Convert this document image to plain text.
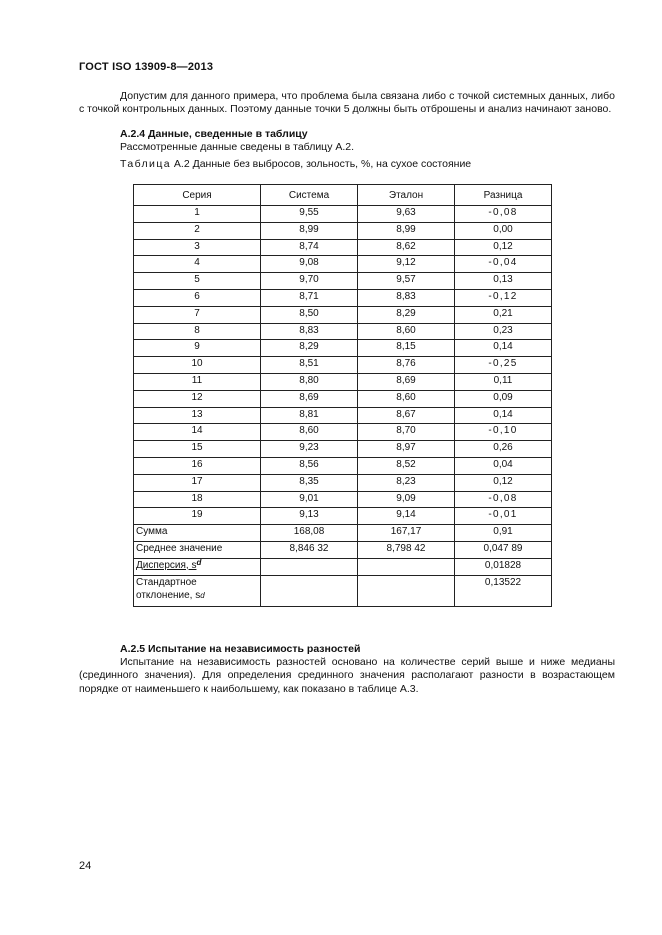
ГОСТ ISO 13909-8—2013

Допустим для данного примера, что проблема была связана либо с точкой системных данных, либо с точкой контрольных данных. Поэтому данные точки 5 должны быть отброшены и анализ начинают заново.

А.2.4 Данные, сведенные в таблицу
Рассмотренные данные сведены в таблицу А.2.
Таблица А.2 Данные без выбросов, зольность, %, на сухое состояние
Серия	Система	Эталон	Разница
1	9,55	9,63	-0,08
2	8,99	8,99	0,00
3	8,74	8,62	0,12
4	9,08	9,12	-0,04
5	9,70	9,57	0,13
6	8,71	8,83	-0,12
7	8,50	8,29	0,21
8	8,83	8,60	0,23
9	8,29	8,15	0,14
10	8,51	8,76	-0,25
11	8,80	8,69	0,11
12	8,69	8,60	0,09
13	8,81	8,67	0,14
14	8,60	8,70	-0,10
15	9,23	8,97	0,26
16	8,56	8,52	0,04
17	8,35	8,23	0,12
18	9,01	9,09	-0,08
19	9,13	9,14	-0,01
Сумма	168,08	167,17	0,91
Среднее значение	8,846 32	8,798 42	0,047 89
Дисперсия, $s^d$			0,01828

Стандартное
отклонение, sd			0,13522
А.2.5 Испытание на независимость разностей

Испытание на независимость разностей основано на количестве серий выше и ниже медианы (срединного значения). Для определения срединного значения располагают разности в возрастающем порядке от наименьшего к наибольшему, как показано в таблице А.3.

24
